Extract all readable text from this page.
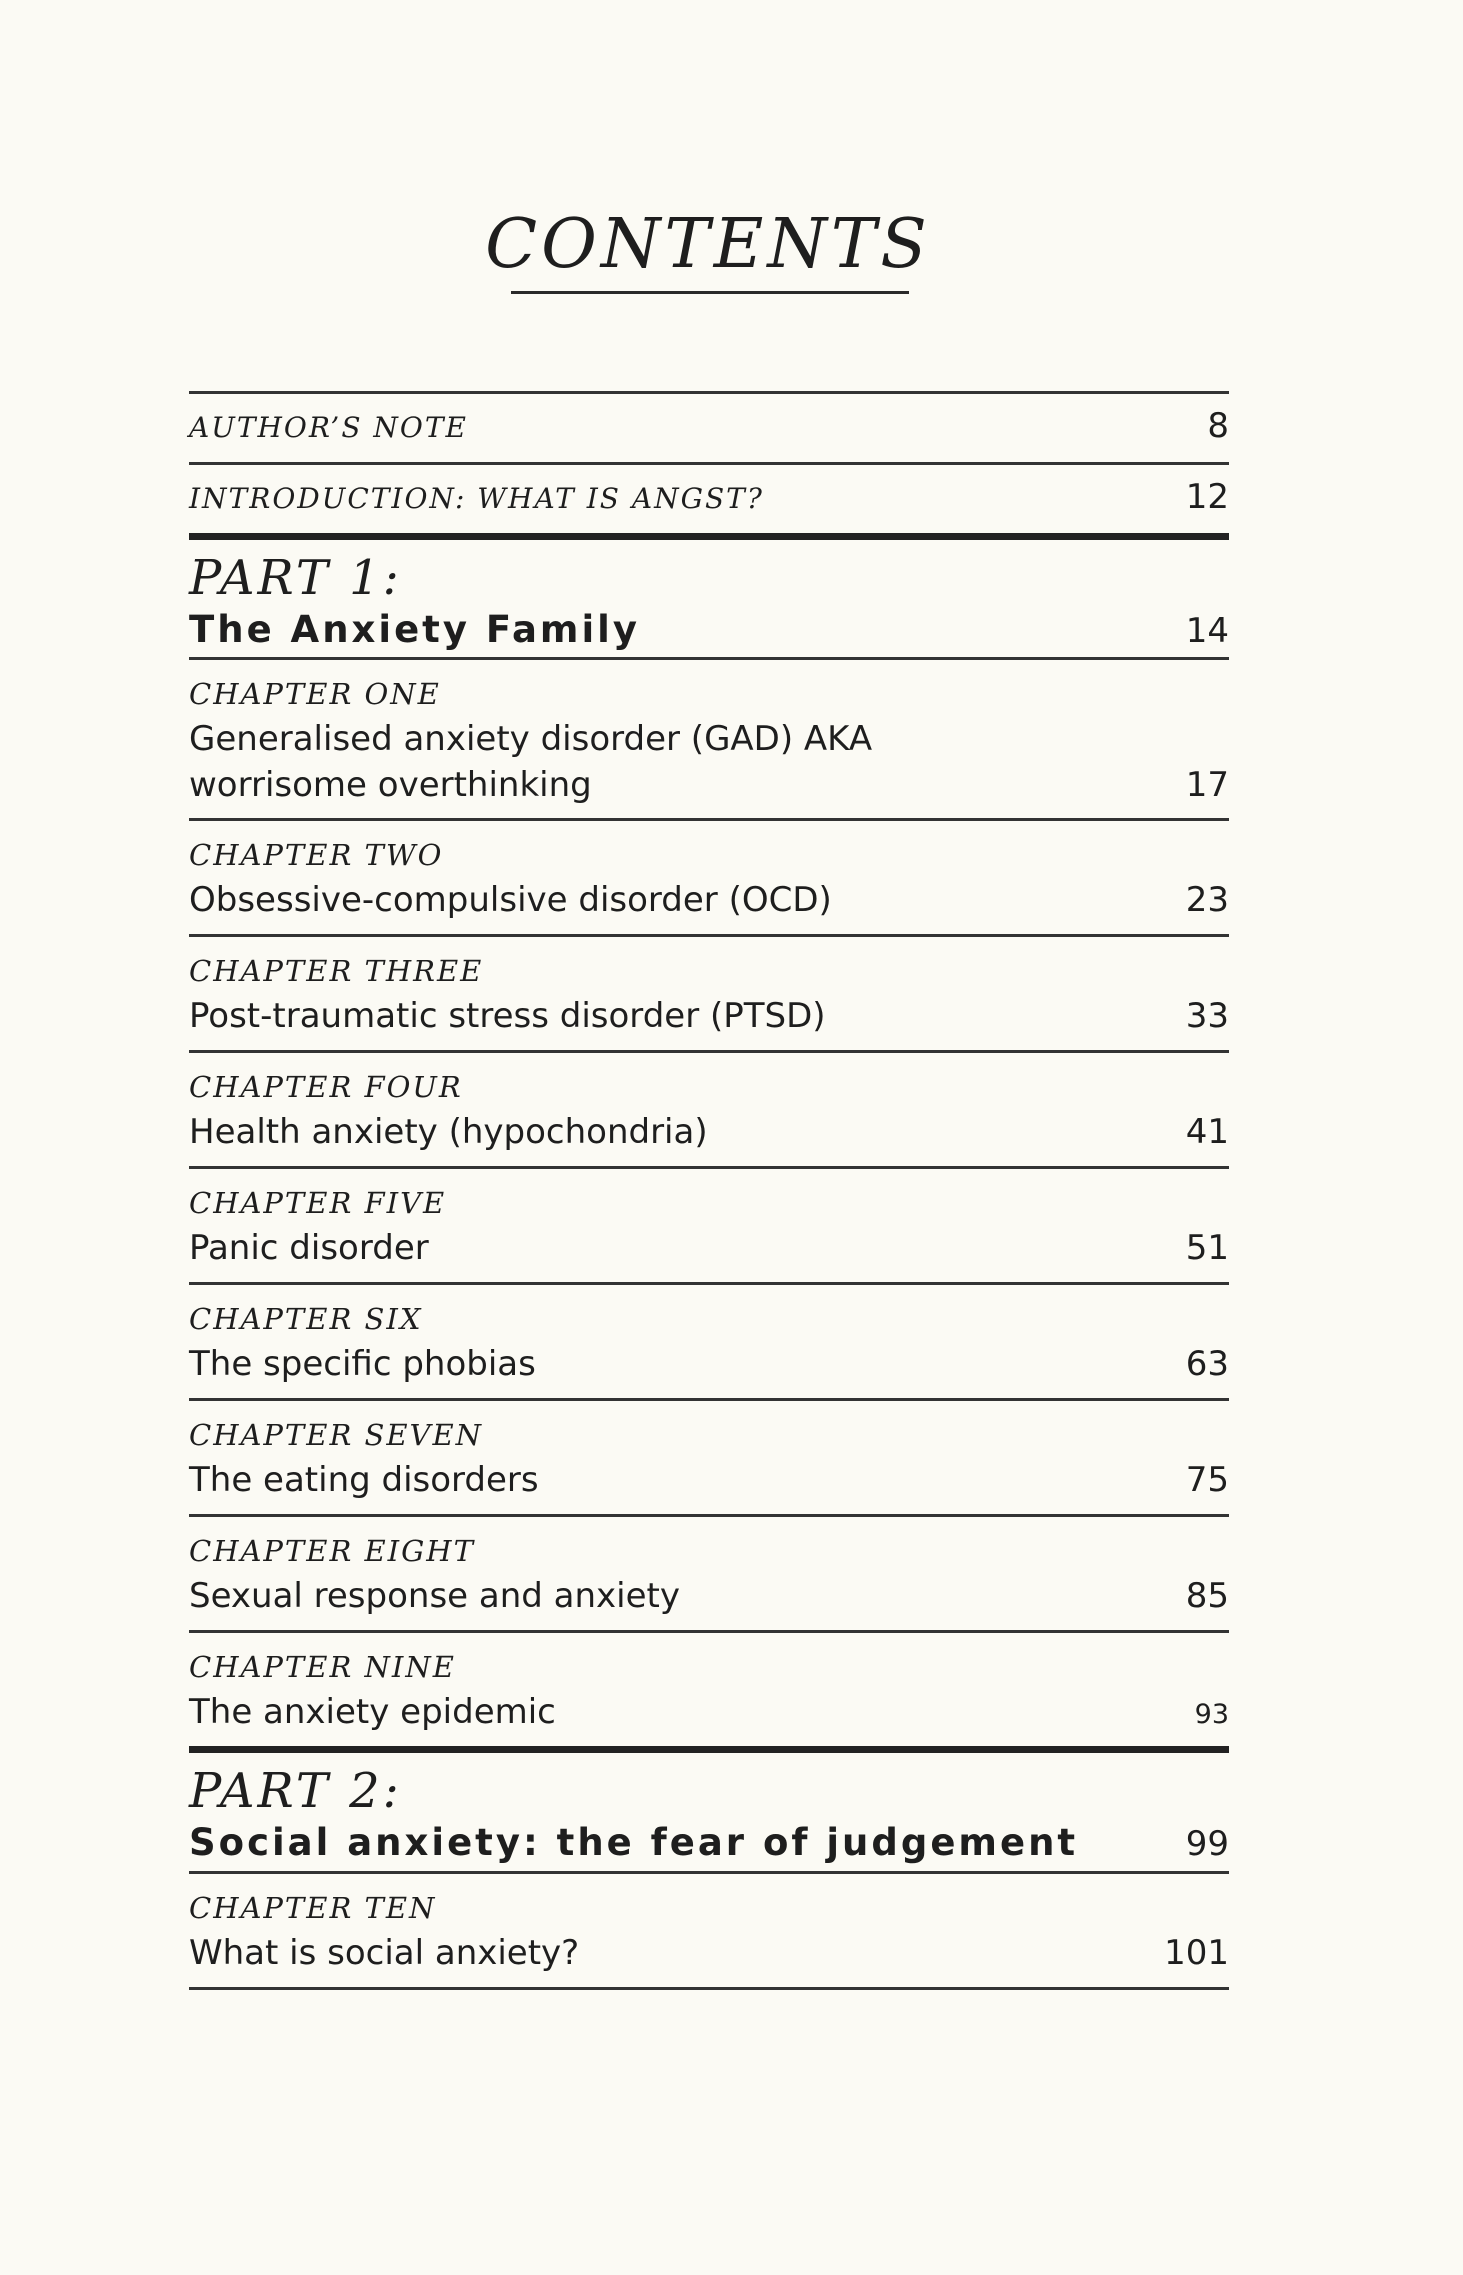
CONTENTS
AUTHOR’S NOTE	8
INTRODUCTION: WHAT IS ANGST?	12
PART 1:
The Anxiety Family	14
CHAPTER ONE
Generalised anxiety disorder (GAD) AKA
worrisome overthinking	17
CHAPTER TWO
Obsessive-compulsive disorder (OCD)	23
CHAPTER THREE
Post-traumatic stress disorder (PTSD)	33
CHAPTER FOUR
Health anxiety (hypochondria)	41
CHAPTER FIVE
Panic disorder	51
CHAPTER SIX
The specific phobias	63
CHAPTER SEVEN
The eating disorders	75
CHAPTER EIGHT
Sexual response and anxiety	85
CHAPTER NINE
The anxiety epidemic	93
PART 2:
Social anxiety: the fear of judgement	99
CHAPTER TEN
What is social anxiety?	101
